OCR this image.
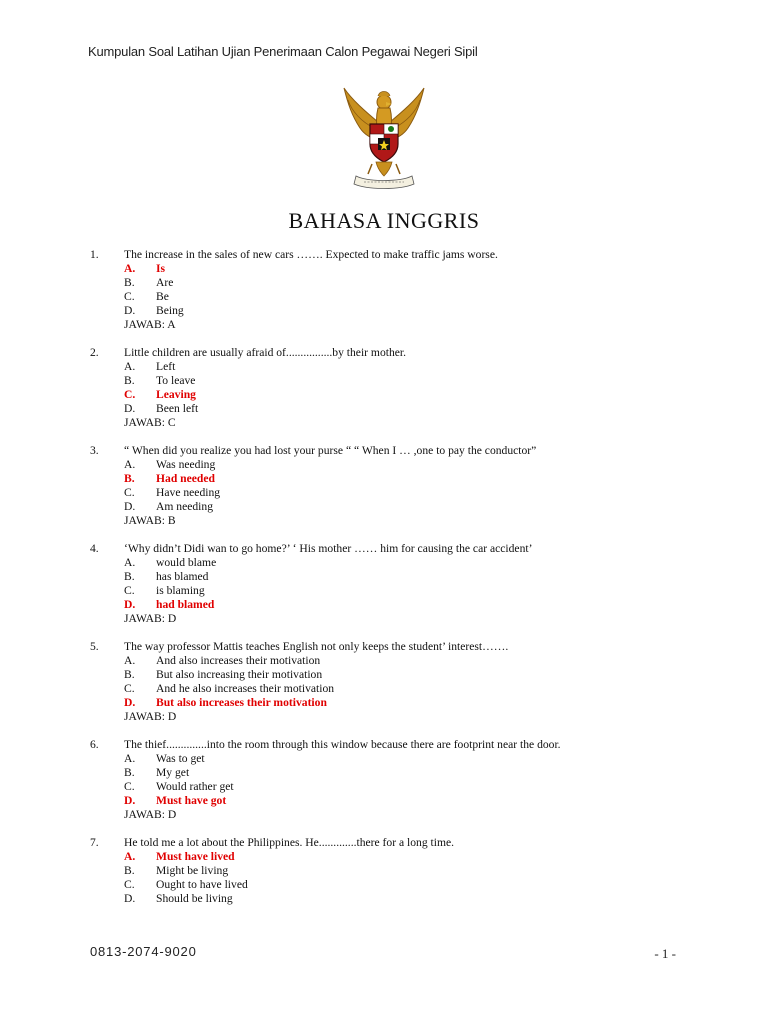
Kumpulan Soal Latihan Ujian Penerimaan Calon Pegawai Negeri Sipil
BAHASA INGGRIS
1.	The increase in the sales of new cars ……. Expected to make traffic jams worse.
A.	Is
B.	Are
C.	Be
D.	Being
JAWAB: A
2.	Little children are usually afraid of................by their mother.
A.	Left
B.	To leave
C.	Leaving
D.	Been left
JAWAB: C
3.	“ When did you realize you had lost your purse “ “ When I … ,one to pay the conductor”
A.	Was needing
B.	Had needed
C.	Have needing
D.	Am needing
JAWAB: B
4.	‘Why didn’t Didi wan to go home?’ ‘ His mother …… him for causing the car accident’
A.	would blame
B.	has blamed
C.	is blaming
D.	had blamed
JAWAB: D
5.	The way professor Mattis teaches English not only keeps the student’ interest…….
A.	And also increases their motivation
B.	But also increasing their motivation
C.	And he also increases their motivation
D.	But also increases their motivation
JAWAB: D
6.	The thief..............into the room through this window because there are footprint near the door.
A.	Was to get
B.	My get
C.	Would rather get
D.	Must have got
JAWAB: D
7.	He told me a lot about the Philippines. He.............there for a long time.
A.	Must have lived
B.	Might be living
C.	Ought to have lived
D.	Should be living
0813-2074-9020	- 1 -
